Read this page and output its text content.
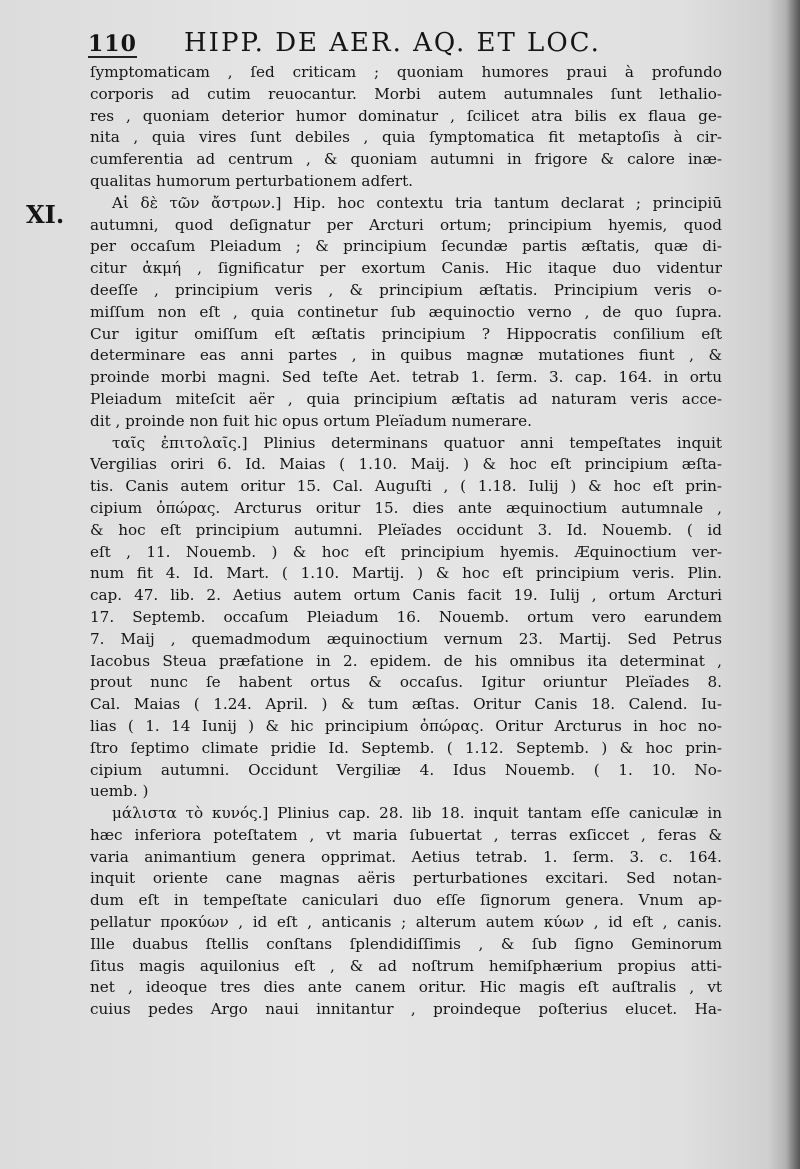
110 HIPP. DE AER. AQ. ET LOC.
XI.
ſymptomaticam , ſed criticam ; quoniam humores praui à profundo
corporis ad cutim reuocantur. Morbi autem autumnales ſunt lethalio-
res , quoniam deterior humor dominatur , ſcilicet atra bilis ex flaua ge-
nita , quia vires ſunt debiles , quia ſymptomatica fit metaptoſis à cir-
cumferentia ad centrum , & quoniam autumni in frigore & calore inæ-
qualitas humorum perturbationem adfert.
Αἱ δὲ τῶν ἄστρων.] Hip. hoc contextu tria tantum declarat ; principiū
autumni, quod deſignatur per Arcturi ortum; principium hyemis, quod
per occaſum Pleiadum ; & principium ſecundæ partis æſtatis, quæ di-
citur ἀκμή , ſignificatur per exortum Canis. Hic itaque duo videntur
deeſſe , principium veris , & principium æſtatis. Principium veris o-
miſſum non eſt , quia continetur ſub æquinoctio verno , de quo ſupra.
Cur igitur omiſſum eſt æſtatis principium ? Hippocratis conſilium eſt
determinare eas anni partes , in quibus magnæ mutationes fiunt , &
proinde morbi magni. Sed teſte Aet. tetrab 1. ſerm. 3. cap. 164. in ortu
Pleiadum miteſcit aër , quia principium æſtatis ad naturam veris acce-
dit , proinde non fuit hic opus ortum Pleïadum numerare.
ταῖς ἐπιτολαῖς.] Plinius determinans quatuor anni tempeſtates inquit
Vergilias oriri 6. Id. Maias ( 1.10. Maij. ) & hoc eſt principium æſta-
tis. Canis autem oritur 15. Cal. Auguſti , ( 1.18. Iulij ) & hoc eſt prin-
cipium ὀπώρας. Arcturus oritur 15. dies ante æquinoctium autumnale ,
& hoc eſt principium autumni. Pleïades occidunt 3. Id. Nouemb. ( id
eſt , 11. Nouemb. ) & hoc eſt principium hyemis. Æquinoctium ver-
num fit 4. Id. Mart. ( 1.10. Martij. ) & hoc eſt principium veris. Plin.
cap. 47. lib. 2. Aetius autem ortum Canis facit 19. Iulij , ortum Arcturi
17. Septemb. occaſum Pleiadum 16. Nouemb. ortum vero earundem
7. Maij , quemadmodum æquinoctium vernum 23. Martij. Sed Petrus
Iacobus Steua præfatione in 2. epidem. de his omnibus ita determinat ,
prout nunc ſe habent ortus & occaſus. Igitur oriuntur Pleïades 8.
Cal. Maias ( 1.24. April. ) & tum æſtas. Oritur Canis 18. Calend. Iu-
lias ( 1. 14 Iunij ) & hic principium ὀπώρας. Oritur Arcturus in hoc no-
ſtro ſeptimo climate pridie Id. Septemb. ( 1.12. Septemb. ) & hoc prin-
cipium autumni. Occidunt Vergiliæ 4. Idus Nouemb. ( 1. 10. No-
uemb. )
μάλιστα τὸ κυνός.] Plinius cap. 28. lib 18. inquit tantam eſſe caniculæ in
hæc inferiora poteſtatem , vt maria ſubuertat , terras exſiccet , feras &
varia animantium genera opprimat. Aetius tetrab. 1. ſerm. 3. c. 164.
inquit oriente cane magnas aëris perturbationes excitari. Sed notan-
dum eſt in tempeſtate caniculari duo eſſe ſignorum genera. Vnum ap-
pellatur προκύων , id eſt , anticanis ; alterum autem κύων , id eſt , canis.
Ille duabus ſtellis conſtans ſplendidiſſimis , & ſub ſigno Geminorum
ſitus magis aquilonius eſt , & ad noſtrum hemiſphærium propius atti-
net , ideoque tres dies ante canem oritur. Hic magis eſt auſtralis , vt
cuius pedes Argo naui innitantur , proindeque poſterius elucet. Ha-
